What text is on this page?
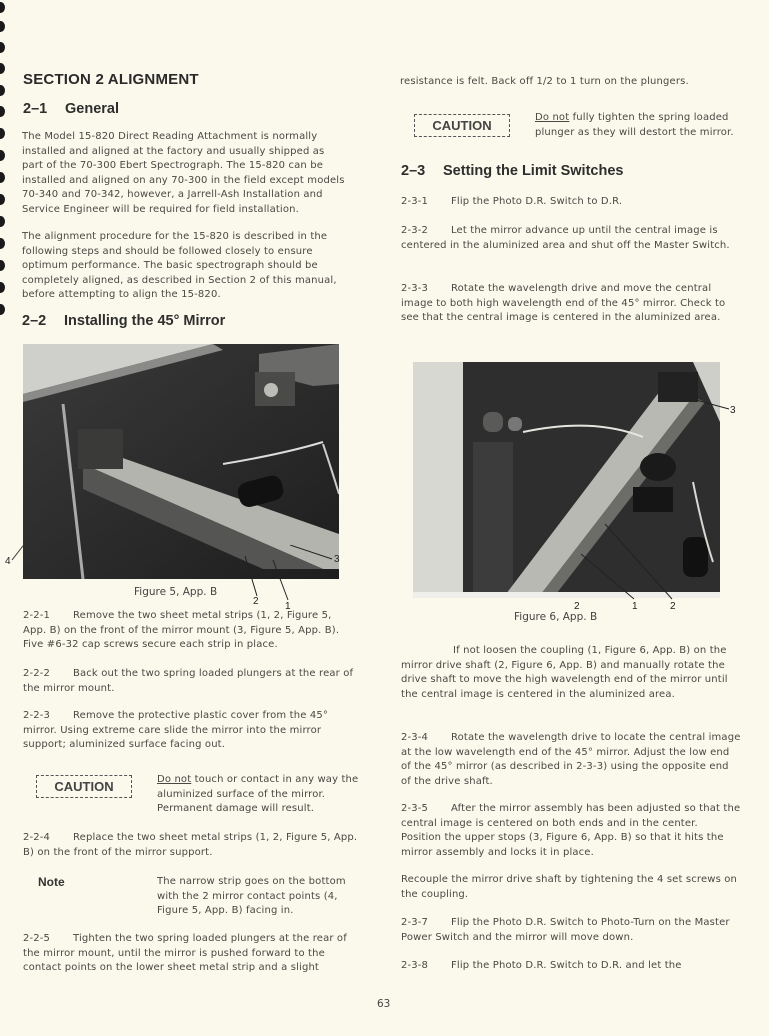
SECTION 2 ALIGNMENT
2–1 General
The Model 15-820 Direct Reading Attachment is normally installed and aligned at the factory and usually shipped as part of the 70-300 Ebert Spectrograph. The 15-820 can be installed and aligned on any 70-300 in the field except models 70-340 and 70-342, however, a Jarrell-Ash Installation and Service Engineer will be required for field installation.
The alignment procedure for the 15-820 is described in the following steps and should be followed closely to ensure optimum performance. The basic spectrograph should be completely aligned, as described in Section 2 of this manual, before attempting to align the 15-820.
2–2 Installing the 45° Mirror
4	3
2	1
Figure 5, App. B
2-2-1 Remove the two sheet metal strips (1, 2, Figure 5, App. B) on the front of the mirror mount (3, Figure 5, App. B). Five #6-32 cap screws secure each strip in place.
2-2-2 Back out the two spring loaded plungers at the rear of the mirror mount.
2-2-3 Remove the protective plastic cover from the 45° mirror. Using extreme care slide the mirror into the mirror support; aluminized surface facing out.
CAUTION	Do not touch or contact in any way the aluminized surface of the mirror. Permanent damage will result.
2-2-4 Replace the two sheet metal strips (1, 2, Figure 5, App. B) on the front of the mirror support.
Note	The narrow strip goes on the bottom with the 2 mirror contact points (4, Figure 5, App. B) facing in.
2-2-5 Tighten the two spring loaded plungers at the rear of the mirror mount, until the mirror is pushed forward to the contact points on the lower sheet metal strip and a slight
resistance is felt. Back off 1/2 to 1 turn on the plungers.
CAUTION
Do not fully tighten the spring loaded plunger as they will destort the mirror.
2–3 Setting the Limit Switches
2-3-1 Flip the Photo D.R. Switch to D.R.
2-3-2 Let the mirror advance up until the central image is centered in the aluminized area and shut off the Master Switch.
2-3-3 Rotate the wavelength drive and move the central image to both high wavelength end of the 45° mirror. Check to see that the central image is centered in the aluminized area.
3
2	1	2
Figure 6, App. B
If not loosen the coupling (1, Figure 6, App. B) on the mirror drive shaft (2, Figure 6, App. B) and manually rotate the drive shaft to move the high wavelength end of the mirror until the central image is centered in the aluminized area.
2-3-4 Rotate the wavelength drive to locate the central image at the low wavelength end of the 45° mirror. Adjust the low end of the 45° mirror (as described in 2-3-3) using the opposite end of the drive shaft.
2-3-5 After the mirror assembly has been adjusted so that the central image is centered on both ends and in the center. Position the upper stops (3, Figure 6, App. B) so that it hits the mirror assembly and locks it in place.
Recouple the mirror drive shaft by tightening the 4 set screws on the coupling.
2-3-7 Flip the Photo D.R. Switch to Photo-Turn on the Master Power Switch and the mirror will move down.
2-3-8 Flip the Photo D.R. Switch to D.R. and let the
63
